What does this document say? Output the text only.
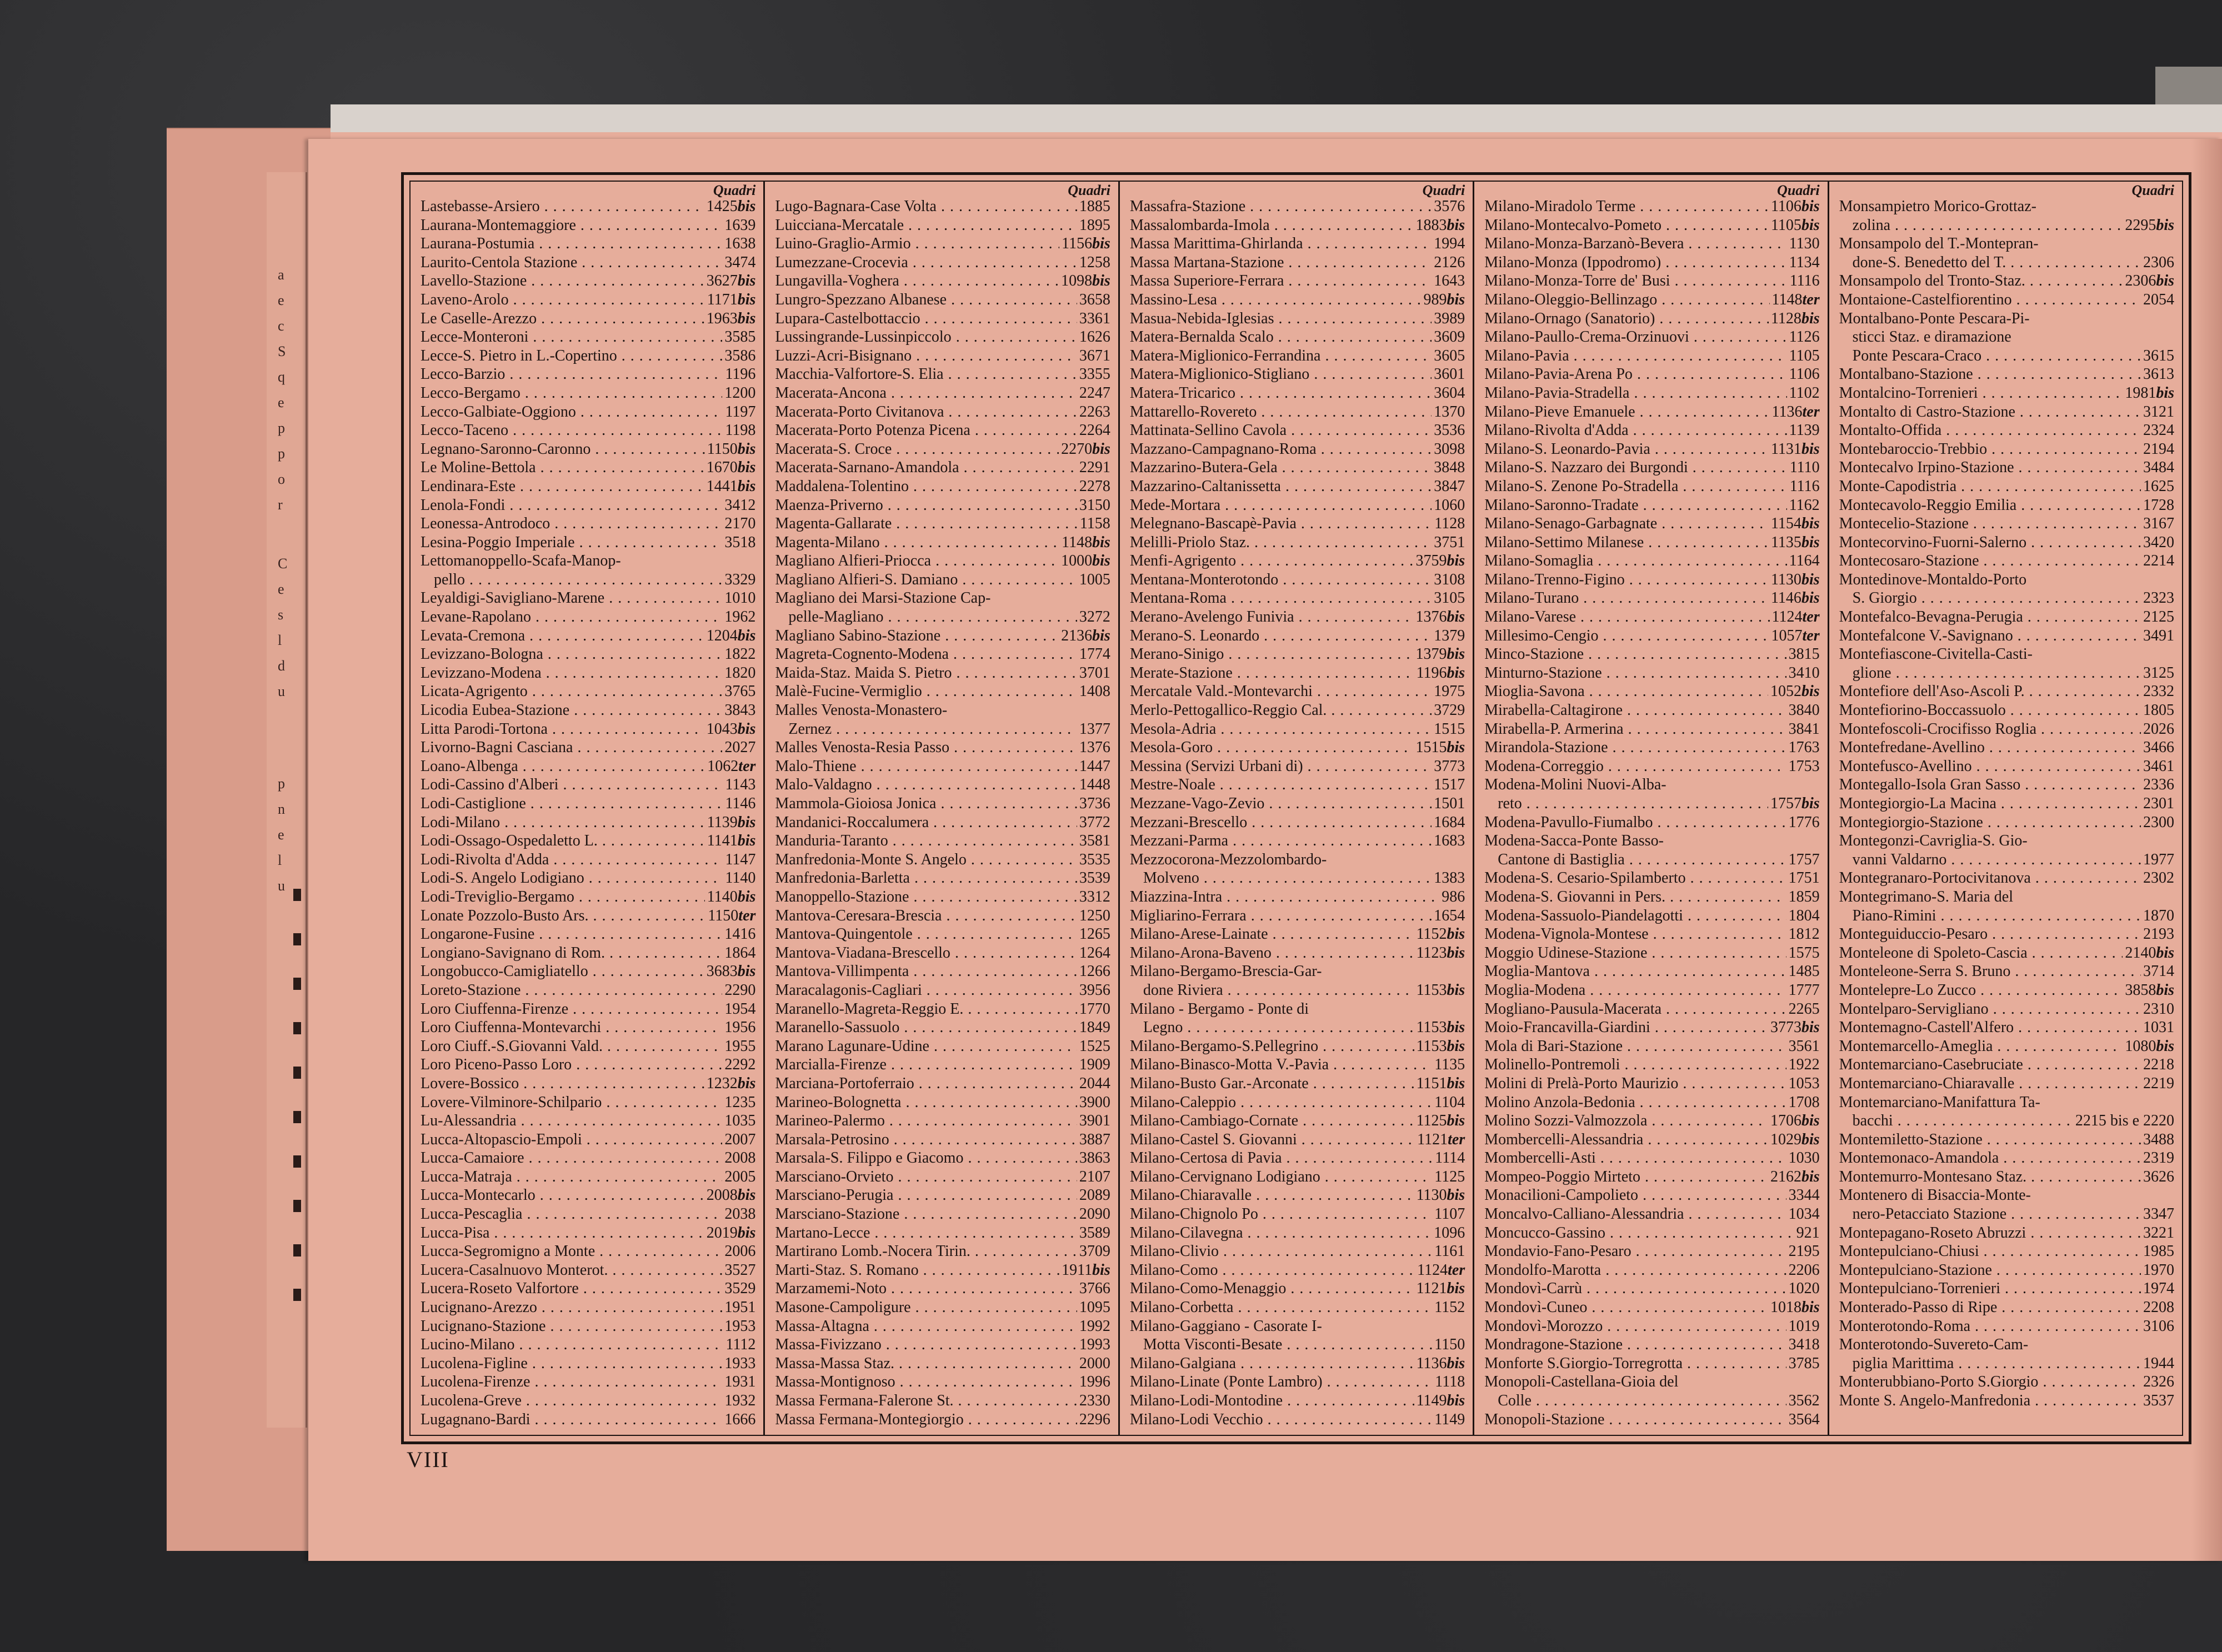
a
e
c
S
q
e
p
p
o
r
C
e
s
l
d
u
p
n
e
l
u
Quadri
Lastebasse-Arsiero . . .	1425bis
Laurana-Montemaggiore . . .	1639
Laurana-Postumia . . .	1638
Laurito-Centola Stazione . . .	3474
Lavello-Stazione . . .	3627bis
Laveno-Arolo . . .	1171bis
Le Caselle-Arezzo . . .	1963bis
Lecce-Monteroni . . .	3585
Lecce-S. Pietro in L.-Copertino . . .	3586
Lecco-Barzio . . .	1196
Lecco-Bergamo . . .	1200
Lecco-Galbiate-Oggiono . . .	1197
Lecco-Taceno . . .	1198
Legnano-Saronno-Caronno . . .	1150bis
Le Moline-Bettola . . .	1670bis
Lendinara-Este . . .	1441bis
Lenola-Fondi . . .	3412
Leonessa-Antrodoco . . .	2170
Lesina-Poggio Imperiale . . .	3518
Lettomanoppello-Scafa-Manop-
pello . . .	3329
Leyaldigi-Savigliano-Marene . . .	1010
Levane-Rapolano . . .	1962
Levata-Cremona . . .	1204bis
Levizzano-Bologna . . .	1822
Levizzano-Modena . . .	1820
Licata-Agrigento . . .	3765
Licodia Eubea-Stazione . . .	3843
Litta Parodi-Tortona . . .	1043bis
Livorno-Bagni Casciana . . .	2027
Loano-Albenga . . .	1062ter
Lodi-Cassino d'Alberi . . .	1143
Lodi-Castiglione . . .	1146
Lodi-Milano . . .	1139bis
Lodi-Ossago-Ospedaletto L. . . .	1141bis
Lodi-Rivolta d'Adda . . .	1147
Lodi-S. Angelo Lodigiano . . .	1140
Lodi-Treviglio-Bergamo . . .	1140bis
Lonate Pozzolo-Busto Ars. . . .	1150ter
Longarone-Fusine . . .	1416
Longiano-Savignano di Rom. . . .	1864
Longobucco-Camigliatello . . .	3683bis
Loreto-Stazione . . .	2290
Loro Ciuffenna-Firenze . . .	1954
Loro Ciuffenna-Montevarchi . . .	1956
Loro Ciuff.-S.Giovanni Vald. . . .	1955
Loro Piceno-Passo Loro . . .	2292
Lovere-Bossico . . .	1232bis
Lovere-Vilminore-Schilpario . . .	1235
Lu-Alessandria . . .	1035
Lucca-Altopascio-Empoli . . .	2007
Lucca-Camaiore . . .	2008
Lucca-Matraja . . .	2005
Lucca-Montecarlo . . .	2008bis
Lucca-Pescaglia . . .	2038
Lucca-Pisa . . .	2019bis
Lucca-Segromigno a Monte . . .	2006
Lucera-Casalnuovo Monterot. . . .	3527
Lucera-Roseto Valfortore . . .	3529
Lucignano-Arezzo . . .	1951
Lucignano-Stazione . . .	1953
Lucino-Milano . . .	1112
Lucolena-Figline . . .	1933
Lucolena-Firenze . . .	1931
Lucolena-Greve . . .	1932
Lugagnano-Bardi . . .	1666
Quadri
Lugo-Bagnara-Case Volta . . .	1885
Luicciana-Mercatale . . .	1895
Luino-Graglio-Armio . . .	1156bis
Lumezzane-Crocevia . . .	1258
Lungavilla-Voghera . . .	1098bis
Lungro-Spezzano Albanese . . .	3658
Lupara-Castelbottaccio . . .	3361
Lussingrande-Lussinpiccolo . . .	1626
Luzzi-Acri-Bisignano . . .	3671
Macchia-Valfortore-S. Elia . . .	3355
Macerata-Ancona . . .	2247
Macerata-Porto Civitanova . . .	2263
Macerata-Porto Potenza Picena . . .	2264
Macerata-S. Croce . . .	2270bis
Macerata-Sarnano-Amandola . . .	2291
Maddalena-Tolentino . . .	2278
Maenza-Priverno . . .	3150
Magenta-Gallarate . . .	1158
Magenta-Milano . . .	1148bis
Magliano Alfieri-Priocca . . .	1000bis
Magliano Alfieri-S. Damiano . . .	1005
Magliano dei Marsi-Stazione Cap-
pelle-Magliano . . .	3272
Magliano Sabino-Stazione . . .	2136bis
Magreta-Cognento-Modena . . .	1774
Maida-Staz. Maida S. Pietro . . .	3701
Malè-Fucine-Vermiglio . . .	1408
Malles Venosta-Monastero-
Zernez . . .	1377
Malles Venosta-Resia Passo . . .	1376
Malo-Thiene . . .	1447
Malo-Valdagno . . .	1448
Mammola-Gioiosa Jonica . . .	3736
Mandanici-Roccalumera . . .	3772
Manduria-Taranto . . .	3581
Manfredonia-Monte S. Angelo . . .	3535
Manfredonia-Barletta . . .	3539
Manoppello-Stazione . . .	3312
Mantova-Ceresara-Brescia . . .	1250
Mantova-Quingentole . . .	1265
Mantova-Viadana-Brescello . . .	1264
Mantova-Villimpenta . . .	1266
Maracalagonis-Cagliari . . .	3956
Maranello-Magreta-Reggio E. . . .	1770
Maranello-Sassuolo . . .	1849
Marano Lagunare-Udine . . .	1525
Marcialla-Firenze . . .	1909
Marciana-Portoferraio . . .	2044
Marineo-Bolognetta . . .	3900
Marineo-Palermo . . .	3901
Marsala-Petrosino . . .	3887
Marsala-S. Filippo e Giacomo . . .	3863
Marsciano-Orvieto . . .	2107
Marsciano-Perugia . . .	2089
Marsciano-Stazione . . .	2090
Martano-Lecce . . .	3589
Martirano Lomb.-Nocera Tirin. . . .	3709
Marti-Staz. S. Romano . . .	1911bis
Marzamemi-Noto . . .	3766
Masone-Campoligure . . .	1095
Massa-Altagna . . .	1992
Massa-Fivizzano . . .	1993
Massa-Massa Staz. . . .	2000
Massa-Montignoso . . .	1996
Massa Fermana-Falerone St. . . .	2330
Massa Fermana-Montegiorgio . . .	2296
Quadri
Massafra-Stazione . . .	3576
Massalombarda-Imola . . .	1883bis
Massa Marittima-Ghirlanda . . .	1994
Massa Martana-Stazione . . .	2126
Massa Superiore-Ferrara . . .	1643
Massino-Lesa . . .	989bis
Masua-Nebida-Iglesias . . .	3989
Matera-Bernalda Scalo . . .	3609
Matera-Miglionico-Ferrandina . . .	3605
Matera-Miglionico-Stigliano . . .	3601
Matera-Tricarico . . .	3604
Mattarello-Rovereto . . .	1370
Mattinata-Sellino Cavola . . .	3536
Mazzano-Campagnano-Roma . . .	3098
Mazzarino-Butera-Gela . . .	3848
Mazzarino-Caltanissetta . . .	3847
Mede-Mortara . . .	1060
Melegnano-Bascapè-Pavia . . .	1128
Melilli-Priolo Staz. . . .	3751
Menfi-Agrigento . . .	3759bis
Mentana-Monterotondo . . .	3108
Mentana-Roma . . .	3105
Merano-Avelengo Funivia . . .	1376bis
Merano-S. Leonardo . . .	1379
Merano-Sinigo . . .	1379bis
Merate-Stazione . . .	1196bis
Mercatale Vald.-Montevarchi . . .	1975
Merlo-Pettogallico-Reggio Cal. . . .	3729
Mesola-Adria . . .	1515
Mesola-Goro . . .	1515bis
Messina (Servizi Urbani di) . . .	3773
Mestre-Noale . . .	1517
Mezzane-Vago-Zevio . . .	1501
Mezzani-Brescello . . .	1684
Mezzani-Parma . . .	1683
Mezzocorona-Mezzolombardo-
Molveno . . .	1383
Miazzina-Intra . . .	986
Migliarino-Ferrara . . .	1654
Milano-Arese-Lainate . . .	1152bis
Milano-Arona-Baveno . . .	1123bis
Milano-Bergamo-Brescia-Gar-
done Riviera . . .	1153bis
Milano - Bergamo - Ponte di
Legno . . .	1153bis
Milano-Bergamo-S.Pellegrino . . .	1153bis
Milano-Binasco-Motta V.-Pavia . . .	1135
Milano-Busto Gar.-Arconate . . .	1151bis
Milano-Caleppio . . .	1104
Milano-Cambiago-Cornate . . .	1125bis
Milano-Castel S. Giovanni . . .	1121ter
Milano-Certosa di Pavia . . .	1114
Milano-Cervignano Lodigiano . . .	1125
Milano-Chiaravalle . . .	1130bis
Milano-Chignolo Po . . .	1107
Milano-Cilavegna . . .	1096
Milano-Clivio . . .	1161
Milano-Como . . .	1124ter
Milano-Como-Menaggio . . .	1121bis
Milano-Corbetta . . .	1152
Milano-Gaggiano - Casorate I-
Motta Visconti-Besate . . .	1150
Milano-Galgiana . . .	1136bis
Milano-Linate (Ponte Lambro) . . .	1118
Milano-Lodi-Montodine . . .	1149bis
Milano-Lodi Vecchio . . .	1149
Quadri
Milano-Miradolo Terme . . .	1106bis
Milano-Montecalvo-Pometo . . .	1105bis
Milano-Monza-Barzanò-Bevera . . .	1130
Milano-Monza (Ippodromo) . . .	1134
Milano-Monza-Torre de' Busi . . .	1116
Milano-Oleggio-Bellinzago . . .	1148ter
Milano-Ornago (Sanatorio) . . .	1128bis
Milano-Paullo-Crema-Orzinuovi . . .	1126
Milano-Pavia . . .	1105
Milano-Pavia-Arena Po . . .	1106
Milano-Pavia-Stradella . . .	1102
Milano-Pieve Emanuele . . .	1136ter
Milano-Rivolta d'Adda . . .	1139
Milano-S. Leonardo-Pavia . . .	1131bis
Milano-S. Nazzaro dei Burgondi . . .	1110
Milano-S. Zenone Po-Stradella . . .	1116
Milano-Saronno-Tradate . . .	1162
Milano-Senago-Garbagnate . . .	1154bis
Milano-Settimo Milanese . . .	1135bis
Milano-Somaglia . . .	1164
Milano-Trenno-Figino . . .	1130bis
Milano-Turano . . .	1146bis
Milano-Varese . . .	1124ter
Millesimo-Cengio . . .	1057ter
Minco-Stazione . . .	3815
Minturno-Stazione . . .	3410
Mioglia-Savona . . .	1052bis
Mirabella-Caltagirone . . .	3840
Mirabella-P. Armerina . . .	3841
Mirandola-Stazione . . .	1763
Modena-Correggio . . .	1753
Modena-Molini Nuovi-Alba-
reto . . .	1757bis
Modena-Pavullo-Fiumalbo . . .	1776
Modena-Sacca-Ponte Basso-
Cantone di Bastiglia . . .	1757
Modena-S. Cesario-Spilamberto . . .	1751
Modena-S. Giovanni in Pers. . . .	1859
Modena-Sassuolo-Piandelagotti . . .	1804
Modena-Vignola-Montese . . .	1812
Moggio Udinese-Stazione . . .	1575
Moglia-Mantova . . .	1485
Moglia-Modena . . .	1777
Mogliano-Pausula-Macerata . . .	2265
Moio-Francavilla-Giardini . . .	3773bis
Mola di Bari-Stazione . . .	3561
Molinello-Pontremoli . . .	1922
Molini di Prelà-Porto Maurizio . . .	1053
Molino Anzola-Bedonia . . .	1708
Molino Sozzi-Valmozzola . . .	1706bis
Mombercelli-Alessandria . . .	1029bis
Mombercelli-Asti . . .	1030
Mompeo-Poggio Mirteto . . .	2162bis
Monacilioni-Campolieto . . .	3344
Moncalvo-Calliano-Alessandria . . .	1034
Moncucco-Gassino . . .	921
Mondavio-Fano-Pesaro . . .	2195
Mondolfo-Marotta . . .	2206
Mondovì-Carrù . . .	1020
Mondovì-Cuneo . . .	1018bis
Mondovì-Morozzo . . .	1019
Mondragone-Stazione . . .	3418
Monforte S.Giorgio-Torregrotta . . .	3785
Monopoli-Castellana-Gioia del
Colle . . .	3562
Monopoli-Stazione . . .	3564
Quadri
Monsampietro Morico-Grottaz-
zolina . . .	2295bis
Monsampolo del T.-Montepran-
done-S. Benedetto del T. . . .	2306
Monsampolo del Tronto-Staz. . . .	2306bis
Montaione-Castelfiorentino . . .	2054
Montalbano-Ponte Pescara-Pi-
sticci Staz. e diramazione
Ponte Pescara-Craco . . .	3615
Montalbano-Stazione . . .	3613
Montalcino-Torrenieri . . .	1981bis
Montalto di Castro-Stazione . . .	3121
Montalto-Offida . . .	2324
Montebaroccio-Trebbio . . .	2194
Montecalvo Irpino-Stazione . . .	3484
Monte-Capodistria . . .	1625
Montecavolo-Reggio Emilia . . .	1728
Montecelio-Stazione . . .	3167
Montecorvino-Fuorni-Salerno . . .	3420
Montecosaro-Stazione . . .	2214
Montedinove-Montaldo-Porto
S. Giorgio . . .	2323
Montefalco-Bevagna-Perugia . . .	2125
Montefalcone V.-Savignano . . .	3491
Montefiascone-Civitella-Casti-
glione . . .	3125
Montefiore dell'Aso-Ascoli P. . . .	2332
Montefiorino-Boccassuolo . . .	1805
Montefoscoli-Crocifisso Roglia . . .	2026
Montefredane-Avellino . . .	3466
Montefusco-Avellino . . .	3461
Montegallo-Isola Gran Sasso . . .	2336
Montegiorgio-La Macina . . .	2301
Montegiorgio-Stazione . . .	2300
Montegonzi-Cavriglia-S. Gio-
vanni Valdarno . . .	1977
Montegranaro-Portocivitanova . . .	2302
Montegrimano-S. Maria del
Piano-Rimini . . .	1870
Monteguiduccio-Pesaro . . .	2193
Monteleone di Spoleto-Cascia . . .	2140bis
Monteleone-Serra S. Bruno . . .	3714
Montelepre-Lo Zucco . . .	3858bis
Montelparo-Servigliano . . .	2310
Montemagno-Castell'Alfero . . .	1031
Montemarcello-Ameglia . . .	1080bis
Montemarciano-Casebruciate . . .	2218
Montemarciano-Chiaravalle . . .	2219
Montemarciano-Manifattura Ta-
bacchi . . .	2215 bis e 2220
Montemiletto-Stazione . . .	3488
Montemonaco-Amandola . . .	2319
Montemurro-Montesano Staz. . . .	3626
Montenero di Bisaccia-Monte-
nero-Petacciato Stazione . . .	3347
Montepagano-Roseto Abruzzi . . .	3221
Montepulciano-Chiusi . . .	1985
Montepulciano-Stazione . . .	1970
Montepulciano-Torrenieri . . .	1974
Monterado-Passo di Ripe . . .	2208
Monterotondo-Roma . . .	3106
Monterotondo-Suvereto-Cam-
piglia Marittima . . .	1944
Monterubbiano-Porto S.Giorgio . . .	2326
Monte S. Angelo-Manfredonia . . .	3537
VIII
